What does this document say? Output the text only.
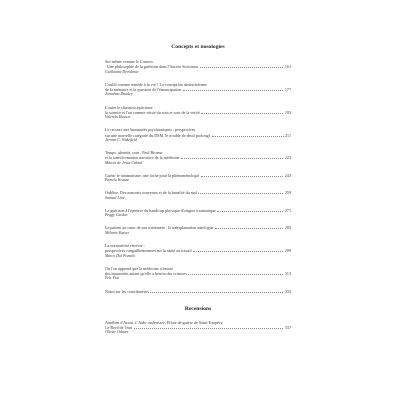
Concepts et nosologies
Soi-même comme le Cosmos
. Une philosophie de la guérison dans l'Ancien Stoïcisme	161
Guillaume Drevdonic
L'oubli comme remède à la vie ? La conception nietzschéenne
de la mémoire et la question de l'émancipation	177
Jonathan Daudey
Contre le climatoscepticisme :
la science et l'art comme vérité du soin et soin de la vérité	195
Valentin Husson
Le recours aux humanités psychiatriques : perspectives
sur une nouvelle catégorie du DSM, le trouble de deuil prolongé	211
Jerome C. Wakefield
Temps, identité, soin : Paul Ricœur
et la trans/formation narrative de la médecine	223
Márcia de Jesus Cabral
Guérir le traumatisme, une tâche pour la phénoménologie	243
Pamela Krause
Oubliez. Des mauvais souvenirs et de la banalité du mal	259
Samuel Lézé
La guérison à l'épreuve du handicap physique d'origine traumatique	271
Peggy Cardon
Le patient au cœur de son traitement : la transplantation autologue	285
Mélanie Kaiser
La normativité rétrécie :
perspectives canguilhemiennes sur la santé au travail	299
Marco Dal Pozzolo
Où l'on apprend que la médecine a besoin
des humanités autant qu'elle a besoin des sciences	313
Éric Fiat
Notes sur les contributeurs	333
Recensions
Aurélien d'Avout, L'Aube embrassée, Pilote de guerre de Saint-Exupéry,
Le Bord de l'eau	337
Olivier Odaert
